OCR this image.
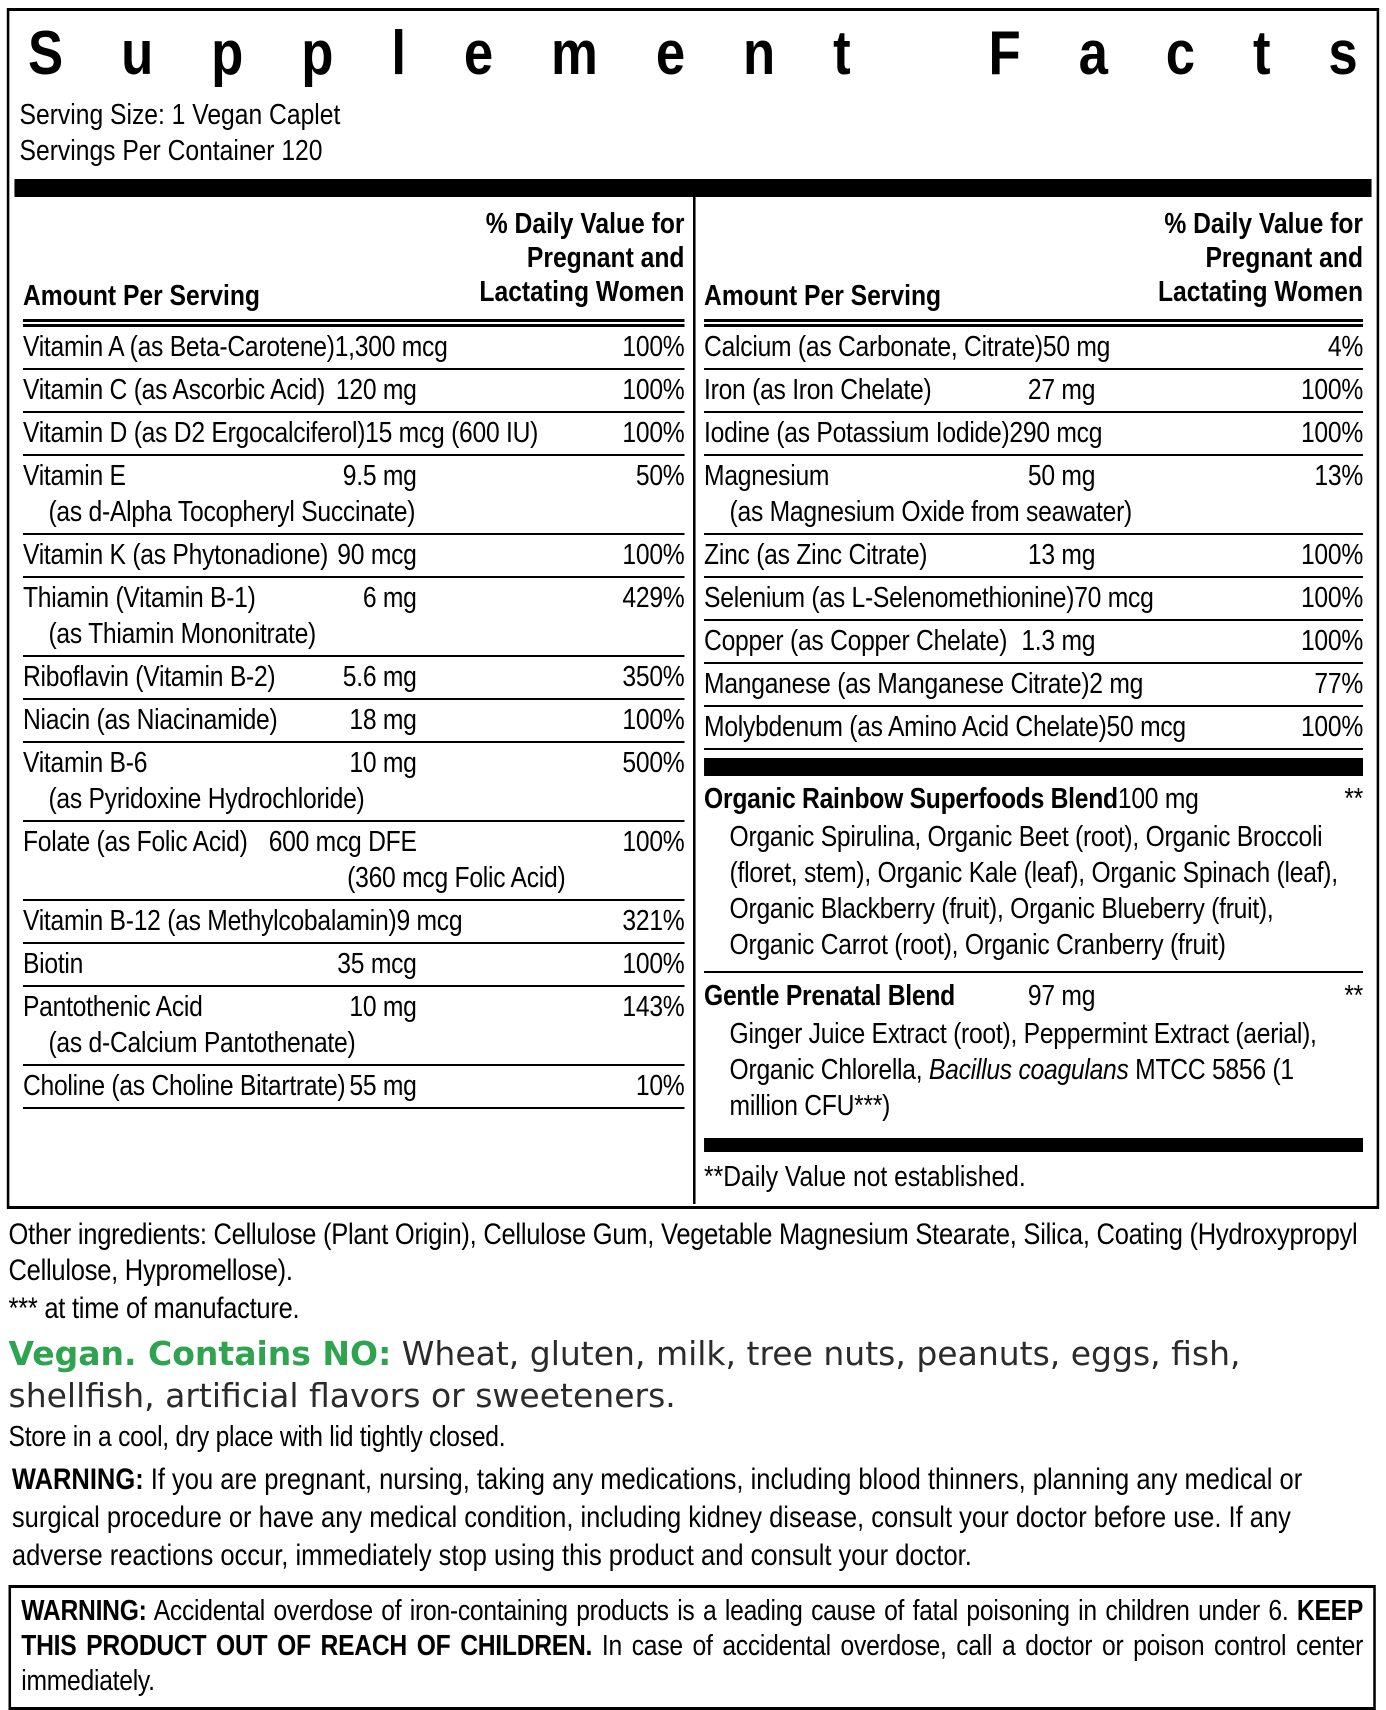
S u p p l e m e n t F a c t s
Serving Size: 1 Vegan Caplet
Servings Per Container 120
% Daily Value for
Pregnant and
Lactating Women
Amount Per Serving
Vitamin A (as Beta-Carotene) 1,300 mcg	100%
Vitamin C (as Ascorbic Acid) 120 mg	100%
Vitamin D (as D2 Ergocalciferol) 15 mcg (600 IU)	100%
Vitamin E	9.5 mg	50%
(as d-Alpha Tocopheryl Succinate)
Vitamin K (as Phytonadione) 90 mcg	100%
Thiamin (Vitamin B-1)	6 mg	429%
(as Thiamin Mononitrate)
Riboflavin (Vitamin B-2) 5.6 mg	350%
Niacin (as Niacinamide) 18 mg	100%
Vitamin B-6	10 mg	500%
(as Pyridoxine Hydrochloride)
Folate (as Folic Acid) 600 mcg DFE	100%
(360 mcg Folic Acid)
Vitamin B-12 (as Methylcobalamin) 9 mcg	321%
Biotin	35 mcg	100%
Pantothenic Acid	10 mg	143%
(as d-Calcium Pantothenate)
Choline (as Choline Bitartrate) 55 mg	10%
% Daily Value for
Pregnant and
Lactating Women
Amount Per Serving
Calcium (as Carbonate, Citrate) 50 mg	4%
Iron (as Iron Chelate)	27 mg	100%
Iodine (as Potassium Iodide) 290 mcg	100%
Magnesium	50 mg	13%
(as Magnesium Oxide from seawater)
Zinc (as Zinc Citrate)	13 mg	100%
Selenium (as L-Selenomethionine) 70 mcg	100%
Copper (as Copper Chelate) 1.3 mg	100%
Manganese (as Manganese Citrate) 2 mg	77%
Molybdenum (as Amino Acid Chelate) 50 mcg	100%
Organic Rainbow Superfoods Blend 100 mg	**
Organic Spirulina, Organic Beet (root), Organic Broccoli (floret, stem), Organic Kale (leaf), Organic Spinach (leaf), Organic Blackberry (fruit), Organic Blueberry (fruit), Organic Carrot (root), Organic Cranberry (fruit)
Gentle Prenatal Blend	97 mg	**
Ginger Juice Extract (root), Peppermint Extract (aerial), Organic Chlorella, Bacillus coagulans MTCC 5856 (1 million CFU***)
**Daily Value not established.

Other ingredients: Cellulose (Plant Origin), Cellulose Gum, Vegetable Magnesium Stearate, Silica, Coating (Hydroxypropyl Cellulose, Hypromellose).

*** at time of manufacture.

Vegan. Contains NO: Wheat, gluten, milk, tree nuts, peanuts, eggs, fish, shellfish, artificial flavors or sweeteners.

Store in a cool, dry place with lid tightly closed.

WARNING: If you are pregnant, nursing, taking any medications, including blood thinners, planning any medical or surgical procedure or have any medical condition, including kidney disease, consult your doctor before use. If any adverse reactions occur, immediately stop using this product and consult your doctor.

WARNING: Accidental overdose of iron-containing products is a leading cause of fatal poisoning in children under 6. KEEP THIS PRODUCT OUT OF REACH OF CHILDREN. In case of accidental overdose, call a doctor or poison control center immediately.
